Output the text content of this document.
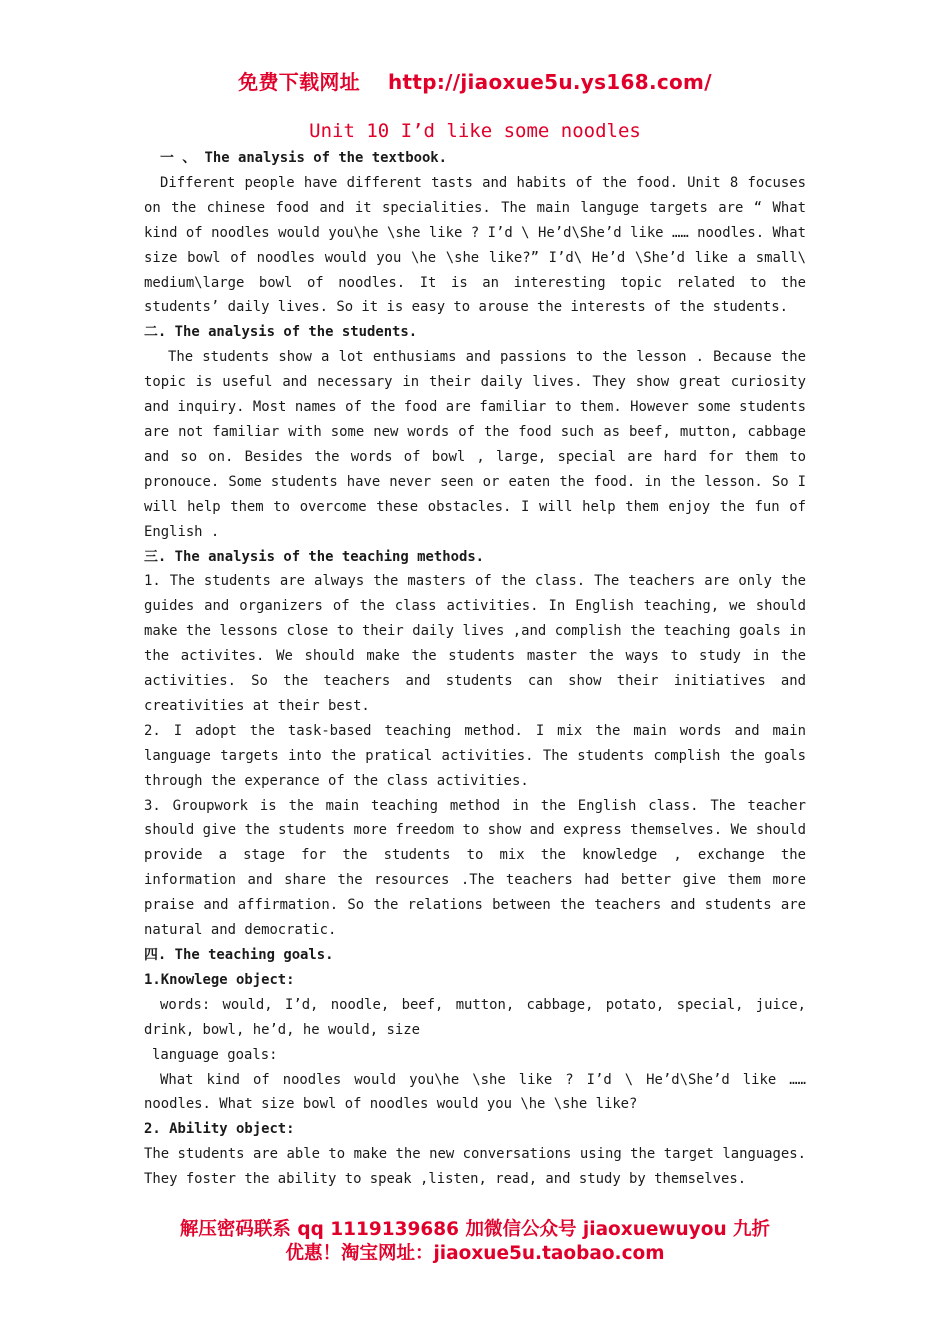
免费下载网址 http://jiaoxue5u.ys168.com/
Unit 10 I’d like some noodles

一 、 The analysis of the textbook.

Different people have different tasts and habits of the food. Unit 8 focuses on the chinese food and it specialities. The main languge targets are “ What kind of noodles would you\he \she like ? I’d \ He’d\She’d like …… noodles. What size bowl of noodles would you \he \she like?” I’d\ He’d \She’d like a small\ medium\large bowl of noodles. It is an interesting topic related to the students’ daily lives. So it is easy to arouse the interests of the students.

二. The analysis of the students.

The students show a lot enthusiams and passions to the lesson . Because the topic is useful and necessary in their daily lives. They show great curiosity and inquiry. Most names of the food are familiar to them. However some students are not familiar with some new words of the food such as beef, mutton, cabbage and so on. Besides the words of bowl , large, special are hard for them to pronouce. Some students have never seen or eaten the food. in the lesson. So I will help them to overcome these obstacles. I will help them enjoy the fun of English .

三. The analysis of the teaching methods.

1. The students are always the masters of the class. The teachers are only the guides and organizers of the class activities. In English teaching, we should make the lessons close to their daily lives ,and complish the teaching goals in the activites. We should make the students master the ways to study in the activities. So the teachers and students can show their initiatives and creativities at their best.

2. I adopt the task-based teaching method. I mix the main words and main language targets into the pratical activities. The students complish the goals through the experance of the class activities.

3. Groupwork is the main teaching method in the English class. The teacher should give the students more freedom to show and express themselves. We should provide a stage for the students to mix the knowledge , exchange the information and share the resources .The teachers had better give them more praise and affirmation. So the relations between the teachers and students are natural and democratic.

四. The teaching goals.

1.Knowlege object:

words: would, I’d, noodle, beef, mutton, cabbage, potato, special, juice, drink, bowl, he’d, he would, size

language goals:

What kind of noodles would you\he \she like ? I’d \ He’d\She’d like …… noodles. What size bowl of noodles would you \he \she like?

2. Ability object:

The students are able to make the new conversations using the target languages. They foster the ability to speak ,listen, read, and study by themselves.

解压密码联系 qq 1119139686 加微信公众号 jiaoxuewuyou 九折
优惠！淘宝网址：jiaoxue5u.taobao.com
